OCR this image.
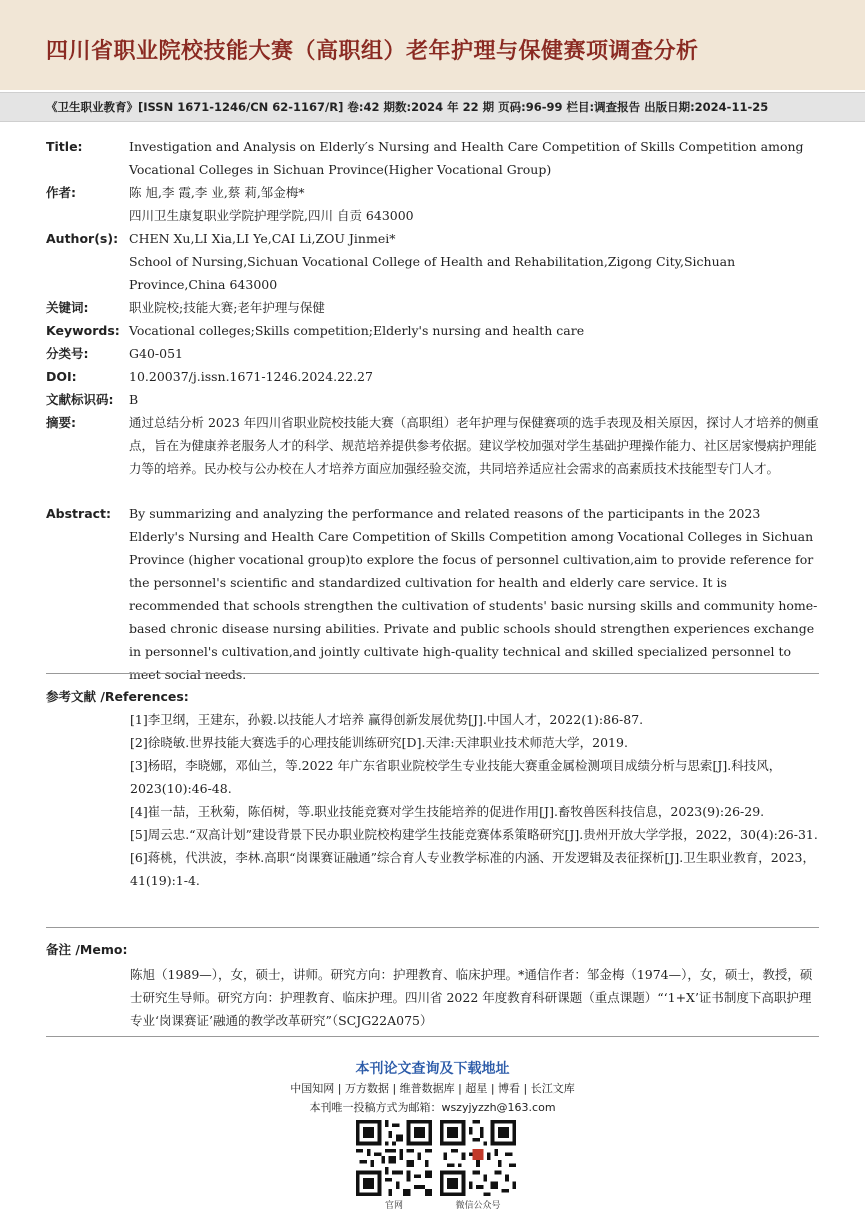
四川省职业院校技能大赛（高职组）老年护理与保健赛项调查分析
《卫生职业教育》[ISSN 1671-1246/CN 62-1167/R] 卷:42 期数:2024 年 22 期 页码:96-99 栏目:调查报告 出版日期:2024-11-25
Title:	Investigation and Analysis on Elderly′s Nursing and Health Care Competition of Skills Competition among Vocational Colleges in Sichuan Province(Higher Vocational Group)
作者:	陈 旭,李 霞,李 业,蔡 莉,邹金梅*

四川卫生康复职业学院护理学院,四川 自贡 643000

Author(s): CHEN Xu,LI Xia,LI Ye,CAI Li,ZOU Jinmei*

School of Nursing,Sichuan Vocational College of Health and Rehabilitation,Zigong City,Sichuan Province,China 643000

关键词:	职业院校;技能大赛;老年护理与保健
Keywords: Vocational colleges;Skills competition;Elderly's nursing and health care
分类号:	G40-051
DOI:	10.20037/j.issn.1671-1246.2024.22.27
文献标识码: B
摘要:	通过总结分析 2023 年四川省职业院校技能大赛（高职组）老年护理与保健赛项的选手表现及相关原因，探讨人才培养的侧重点，旨在为健康养老服务人才的科学、规范培养提供参考依据。建议学校加强对学生基础护理操作能力、社区居家慢病护理能力等的培养。民办校与公办校在人才培养方面应加强经验交流，共同培养适应社会需求的高素质技术技能型专门人才。
Abstract: By summarizing and analyzing the performance and related reasons of the participants in the 2023 Elderly's Nursing and Health Care Competition of Skills Competition among Vocational Colleges in Sichuan Province (higher vocational group)to explore the focus of personnel cultivation,aim to provide reference for the personnel's scientific and standardized cultivation for health and elderly care service. It is recommended that schools strengthen the cultivation of students' basic nursing skills and community home-based chronic disease nursing abilities. Private and public schools should strengthen experiences exchange in personnel's cultivation,and jointly cultivate high-quality technical and skilled specialized personnel to meet social needs.
参考文献 /References:

[1]李卫纲，王建东，孙毅.以技能人才培养 赢得创新发展优势[J].中国人才，2022(1):86-87.

[2]徐晓敏.世界技能大赛选手的心理技能训练研究[D].天津:天津职业技术师范大学，2019.

[3]杨昭，李晓娜，邓仙兰，等.2022 年广东省职业院校学生专业技能大赛重金属检测项目成绩分析与思索[J].科技风，2023(10):46-48.

[4]崔一喆，王秋菊，陈佰树，等.职业技能竞赛对学生技能培养的促进作用[J].畜牧兽医科技信息，2023(9):26-29.

[5]周云忠.“双高计划”建设背景下民办职业院校构建学生技能竞赛体系策略研究[J].贵州开放大学学报，2022，30(4):26-31.

[6]蒋桃，代洪波，李林.高职“岗课赛证融通”综合育人专业教学标准的内涵、开发逻辑及表征探析[J].卫生职业教育，2023，41(19):1-4.

备注 /Memo:
陈旭（1989—），女，硕士，讲师。研究方向：护理教育、临床护理。*通信作者：邹金梅（1974—），女，硕士，教授，硕士研究生导师。研究方向：护理教育、临床护理。四川省 2022 年度教育科研课题（重点课题）“‘1+X’证书制度下高职护理专业‘岗课赛证’融通的教学改革研究”（SCJG22A075）
本刊论文查询及下载地址
中国知网 | 万方数据 | 维普数据库 | 超星 | 博看 | 长江文库
本刊唯一投稿方式为邮箱：wszyjyzzh@163.com
官网	微信公众号
